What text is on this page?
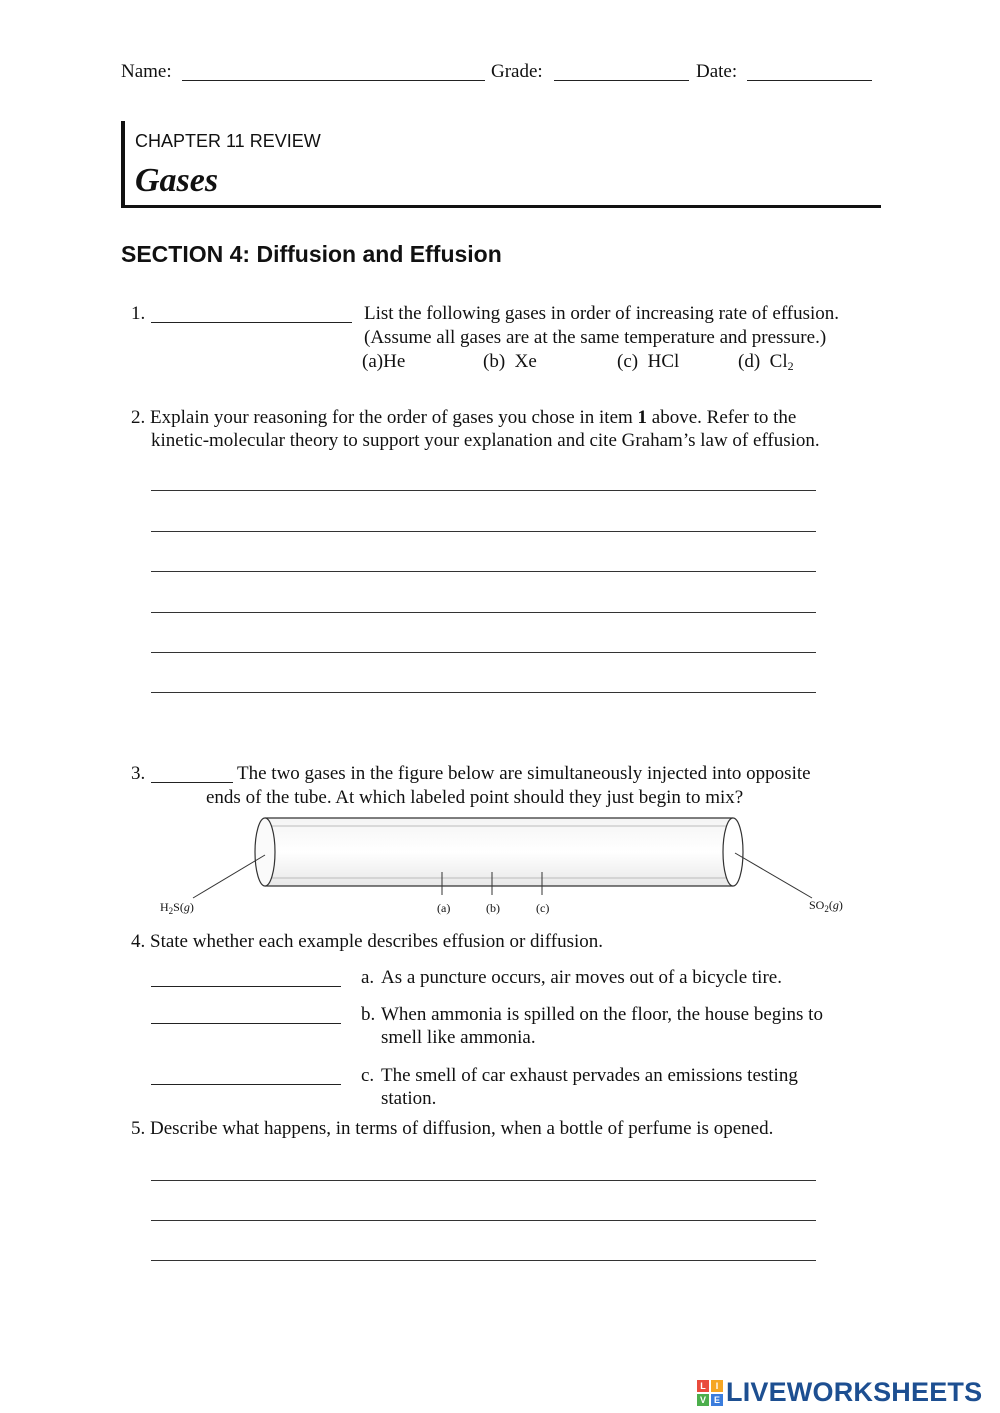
Name:	Grade:	Date:
CHAPTER 11 REVIEW
Gases
SECTION 4: Diffusion and Effusion
1.	List the following gases in order of increasing rate of effusion.
(Assume all gases are at the same temperature and pressure.)
(a)He	(b) Xe	(c) HCl	(d) $Cl_2$
2. Explain your reasoning for the order of gases you chose in item 1 above. Refer to the
kinetic-molecular theory to support your explanation and cite Graham’s law of effusion.
3.	The two gases in the figure below are simultaneously injected into opposite
ends of the tube. At which labeled point should they just begin to mix?
$H_2S(g)$	(a)	(b)	(c)	$SO_2(g)$
4. State whether each example describes effusion or diffusion.
a. As a puncture occurs, air moves out of a bicycle tire.
b. When ammonia is spilled on the floor, the house begins to
smell like ammonia.
c. The smell of car exhaust pervades an emissions testing
station.
5. Describe what happens, in terms of diffusion, when a bottle of perfume is opened.
L	I
V E LIVEWORKSHEETS
